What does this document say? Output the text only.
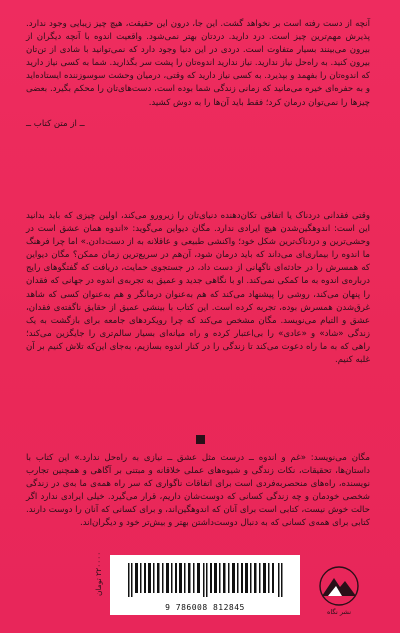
آنچه از دست رفته است بر نخواهد گشت. این جا، درون این حقیقت، هیچ چیز زیبایی وجود ندارد. پذیرش مهم‌ترین چیز است. درد دارید. دردتان بهتر نمی‌شود. واقعیت اندوه با آنچه دیگران از بیرون می‌بینند بسیار متفاوت است. دردی در این دنیا وجود دارد که نمی‌توانید با شادی از تن‌تان بیرون کنید. به راه‌حل نیاز ندارید. نیاز ندارید اندوه‌تان را پشت سر بگذارید. شما به کسی نیاز دارید که اندوه‌تان را بفهمد و بپذیرد. به کسی نیاز دارید که وقتی، درمیان وحشت سوسوزننده ایستاده‌اید و به حفره‌ای خیره می‌مانید که زمانی زندگی شما بوده است، دست‌های‌تان را محکم بگیرد. بعضی چیزها را نمی‌توان درمان کرد؛ فقط باید آن‌ها را به دوش کشید.

ــ از متن کتاب ــ

وقتی فقدانی دردناک یا اتفاقی تکان‌دهنده دنیای‌تان را زیرورو می‌کند، اولین چیزی که باید بدانید این است: اندوهگین‌شدن هیچ ایرادی ندارد. مگان دیواین می‌گوید: «اندوه همان عشق است در وحشی‌ترین و دردناک‌ترین شکل خود؛ واکنشی طبیعی و عاقلانه به از دست‌دادن.» اما چرا فرهنگ ما اندوه را بیماری‌ای می‌داند که باید درمان شود، آن‌هم در سریع‌ترین زمان ممکن؟ مگان دیواین که همسرش را در حادثه‌ای ناگهانی از دست داد، در جستجوی حمایت، دریافت که گفتگوهای رایج درباره‌ی اندوه به ما کمکی نمی‌کند. او با نگاهی جدید و عمیق به تجربه‌ی اندوه در جهانی که فقدان را پنهان می‌کند، روشی را پیشنهاد می‌کند که هم به‌عنوان درمانگر و هم به‌عنوان کسی که شاهد غرق‌شدن همسرش بوده، تجربه کرده است. این کتاب با بینشی عمیق از حقایق ناگفته‌ی فقدان، عشق و التیام می‌نویسد. مگان مشخص می‌کند که چرا رویکردهای جامعه برای بازگشت به یک زندگی «شاد» و «عادی» را بی‌اعتبار کرده و راه میانه‌ای بسیار سالم‌تری را جایگزین می‌کند؛ راهی که به ما راه دعوت می‌کند تا زندگی را در کنار اندوه بسازیم، به‌جای این‌که تلاش کنیم بر آن غلبه کنیم.

مگان می‌نویسد: «غم و اندوه ــ درست مثل عشق ــ نیازی به راه‌حل ندارد.» این کتاب با داستان‌ها، تحقیقات، نکات زندگی و شیوه‌های عملی خلاقانه و مبتنی بر آگاهی و همچنین تجارب نویسنده، راه‌های منحصربه‌فردی است برای اتفاقات ناگواری که سر راه همه‌ی ما به‌ی در زندگی شخصی خودمان و چه زندگی کسانی که دوست‌شان داریم، قرار می‌گیرد. خیلی ایرادی ندارد اگر حالت خوش نیست، کتابی است برای آنان که اندوهگین‌اند، و برای کسانی که آنان را دوست دارند. کتابی برای همه‌ی کسانی که به دنبال دوست‌داشتن بهتر و بیش‌تر خود و دیگران‌اند.

۲۲۰۰۰۰ تومان
9 786008 812845	نشر نگاه
